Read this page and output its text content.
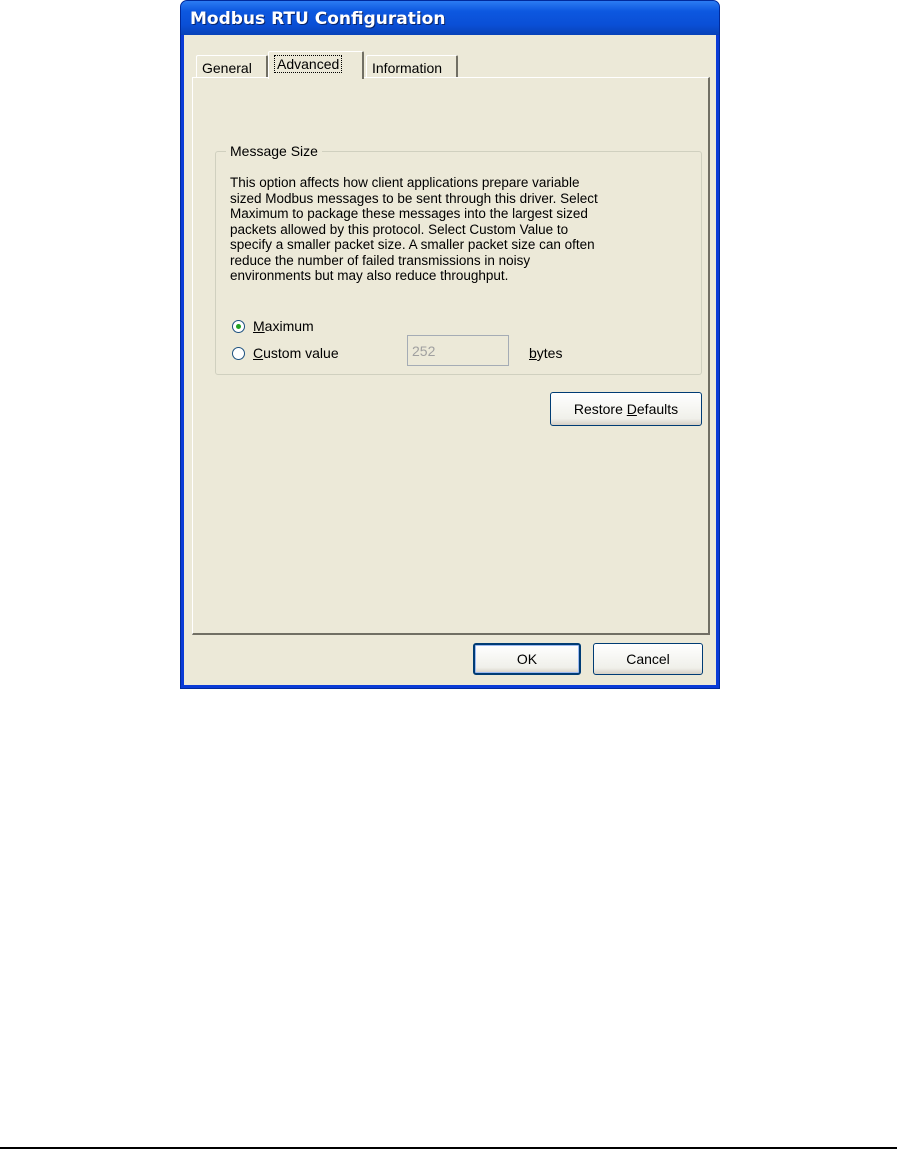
Modbus RTU Configuration
General	Advanced	Information
Message Size
This option affects how client applications prepare variable
sized Modbus messages to be sent through this driver. Select
Maximum to package these messages into the largest sized
packets allowed by this protocol. Select Custom Value to
specify a smaller packet size. A smaller packet size can often
reduce the number of failed transmissions in noisy
environments but may also reduce throughput.
Maximum
Custom value
252	bytes
Restore Defaults
OK	Cancel
